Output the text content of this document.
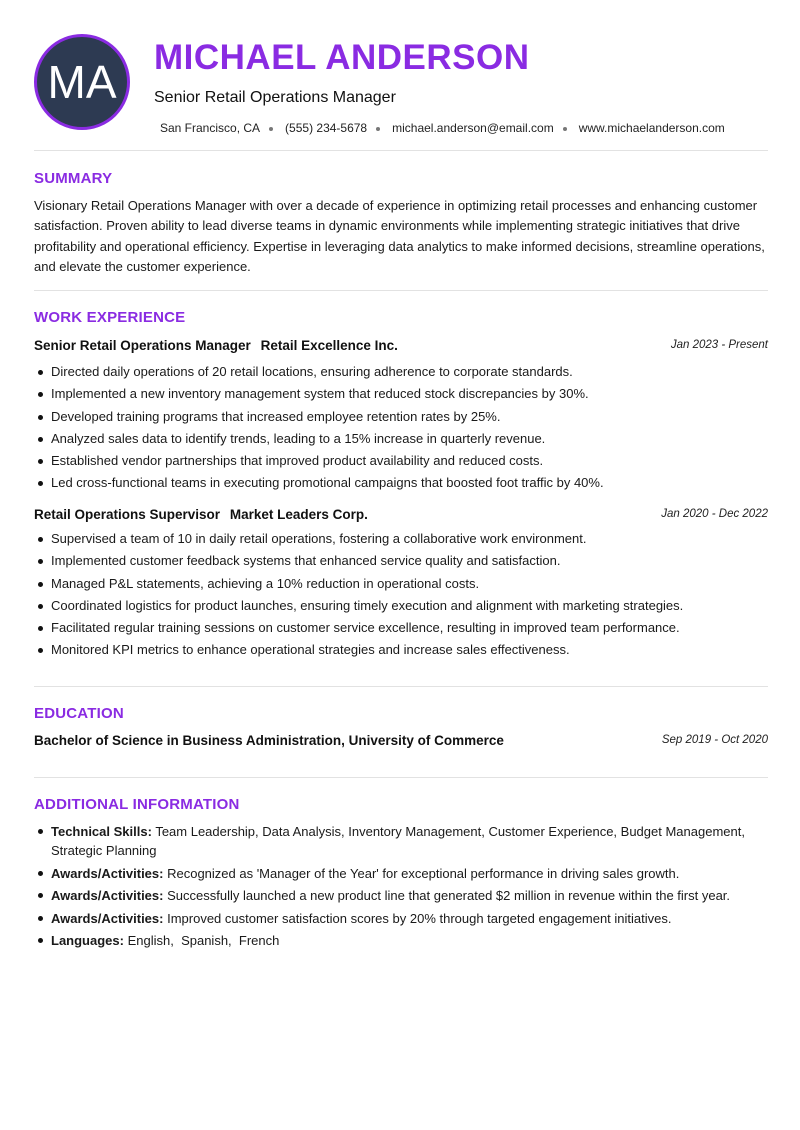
MA MICHAEL ANDERSON
Senior Retail Operations Manager
San Francisco, CA (555) 234-5678 michael.anderson@email.com www.michaelanderson.com
SUMMARY
Visionary Retail Operations Manager with over a decade of experience in optimizing retail processes and enhancing customer satisfaction. Proven ability to lead diverse teams in dynamic environments while implementing strategic initiatives that drive profitability and operational efficiency. Expertise in leveraging data analytics to make informed decisions, streamline operations, and elevate the customer experience.
WORK EXPERIENCE
Senior Retail Operations Manager Retail Excellence Inc.	Jan 2023 - Present
Directed daily operations of 20 retail locations, ensuring adherence to corporate standards.
Implemented a new inventory management system that reduced stock discrepancies by 30%.
Developed training programs that increased employee retention rates by 25%.
Analyzed sales data to identify trends, leading to a 15% increase in quarterly revenue.
Established vendor partnerships that improved product availability and reduced costs.
Led cross-functional teams in executing promotional campaigns that boosted foot traffic by 40%.
Retail Operations Supervisor Market Leaders Corp.	Jan 2020 - Dec 2022
Supervised a team of 10 in daily retail operations, fostering a collaborative work environment.
Implemented customer feedback systems that enhanced service quality and satisfaction.
Managed P&L statements, achieving a 10% reduction in operational costs.
Coordinated logistics for product launches, ensuring timely execution and alignment with marketing strategies.
Facilitated regular training sessions on customer service excellence, resulting in improved team performance.
Monitored KPI metrics to enhance operational strategies and increase sales effectiveness.
EDUCATION
Bachelor of Science in Business Administration, University of Commerce	Sep 2019 - Oct 2020
ADDITIONAL INFORMATION
Technical Skills: Team Leadership, Data Analysis, Inventory Management, Customer Experience, Budget Management, Strategic Planning
Awards/Activities: Recognized as 'Manager of the Year' for exceptional performance in driving sales growth.
Awards/Activities: Successfully launched a new product line that generated $2 million in revenue within the first year.
Awards/Activities: Improved customer satisfaction scores by 20% through targeted engagement initiatives.
Languages: English,  Spanish,  French
